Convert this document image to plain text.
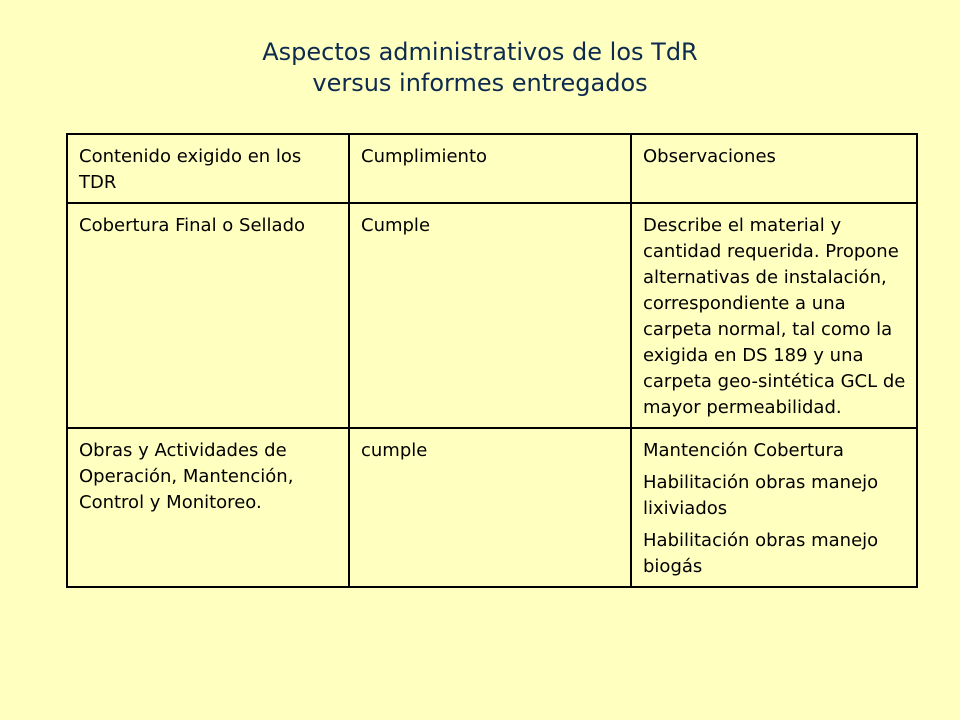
Aspectos administrativos de los TdR
versus informes entregados
Contenido exigido en los TDR	Cumplimiento	Observaciones
Cobertura Final o Sellado	Cumple	Describe el material y cantidad requerida. Propone alternativas de instalación, correspondiente a una carpeta normal, tal como la exigida en DS 189 y una carpeta geo-sintética GCL de mayor permeabilidad.

Obras y Actividades de Operación, Mantención, Control y Monitoreo.	cumple	Mantención Cobertura
Habilitación obras manejo lixiviados
Habilitación obras manejo biogás
